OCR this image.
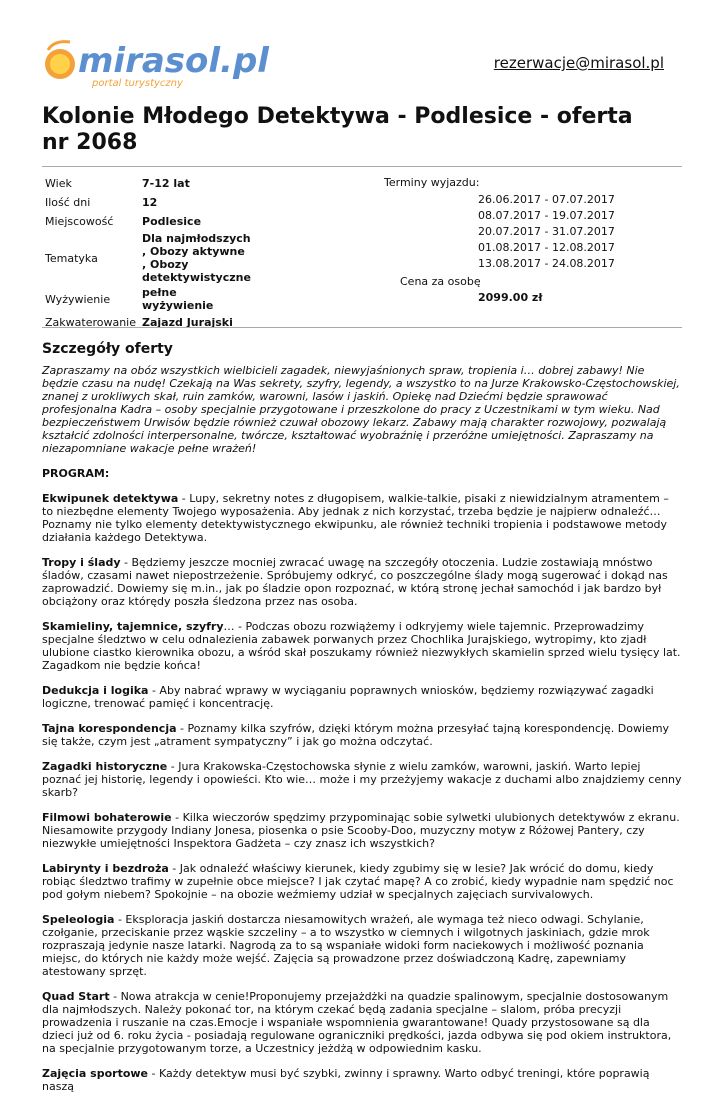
mirasol.pl
portal turystyczny
rezerwacje@mirasol.pl
Kolonie Młodego Detektywa - Podlesice - oferta nr 2068
Wiek	7-12 lat
Ilość dni	12
Miejscowość	Podlesice
Tematyka	Dla najmłodszych , Obozy aktywne , Obozy detektywistyczne
Wyżywienie	pełne wyżywienie
Zakwaterowanie	Zajazd Jurajski
Terminy wyjazdu:
26.06.2017 - 07.07.2017
08.07.2017 - 19.07.2017
20.07.2017 - 31.07.2017
01.08.2017 - 12.08.2017
13.08.2017 - 24.08.2017
Cena za osobę
2099.00 zł
Szczegóły oferty

Zapraszamy na obóz wszystkich wielbicieli zagadek, niewyjaśnionych spraw, tropienia i… dobrej zabawy! Nie będzie czasu na nudę! Czekają na Was sekrety, szyfry, legendy, a wszystko to na Jurze Krakowsko-Częstochowskiej, znanej z urokliwych skał, ruin zamków, warowni, lasów i jaskiń. Opiekę nad Dziećmi będzie sprawować profesjonalna Kadra – osoby specjalnie przygotowane i przeszkolone do pracy z Uczestnikami w tym wieku. Nad bezpieczeństwem Urwisów będzie również czuwał obozowy lekarz. Zabawy mają charakter rozwojowy, pozwalają kształcić zdolności interpersonalne, twórcze, kształtować wyobraźnię i przeróżne umiejętności. Zapraszamy na niezapomniane wakacje pełne wrażeń!

PROGRAM:

Ekwipunek detektywa - Lupy, sekretny notes z długopisem, walkie-talkie, pisaki z niewidzialnym atramentem – to niezbędne elementy Twojego wyposażenia. Aby jednak z nich korzystać, trzeba będzie je najpierw odnaleźć… Poznamy nie tylko elementy detektywistycznego ekwipunku, ale również techniki tropienia i podstawowe metody działania każdego Detektywa.

Tropy i ślady - Będziemy jeszcze mocniej zwracać uwagę na szczegóły otoczenia. Ludzie zostawiają mnóstwo śladów, czasami nawet niepostrzeżenie. Spróbujemy odkryć, co poszczególne ślady mogą sugerować i dokąd nas zaprowadzić. Dowiemy się m.in., jak po śladzie opon rozpoznać, w którą stronę jechał samochód i jak bardzo był obciążony oraz którędy poszła śledzona przez nas osoba.

Skamieliny, tajemnice, szyfry… - Podczas obozu rozwiążemy i odkryjemy wiele tajemnic. Przeprowadzimy specjalne śledztwo w celu odnalezienia zabawek porwanych przez Chochlika Jurajskiego, wytropimy, kto zjadł ulubione ciastko kierownika obozu, a wśród skał poszukamy również niezwykłych skamielin sprzed wielu tysięcy lat. Zagadkom nie będzie końca!

Dedukcja i logika - Aby nabrać wprawy w wyciąganiu poprawnych wniosków, będziemy rozwiązywać zagadki logiczne, trenować pamięć i koncentrację.

Tajna korespondencja - Poznamy kilka szyfrów, dzięki którym można przesyłać tajną korespondencję. Dowiemy się także, czym jest „atrament sympatyczny” i jak go można odczytać.

Zagadki historyczne - Jura Krakowska-Częstochowska słynie z wielu zamków, warowni, jaskiń. Warto lepiej poznać jej historię, legendy i opowieści. Kto wie… może i my przeżyjemy wakacje z duchami albo znajdziemy cenny skarb?

Filmowi bohaterowie - Kilka wieczorów spędzimy przypominając sobie sylwetki ulubionych detektywów z ekranu. Niesamowite przygody Indiany Jonesa, piosenka o psie Scooby-Doo, muzyczny motyw z Różowej Pantery, czy niezwykłe umiejętności Inspektora Gadżeta – czy znasz ich wszystkich?

Labirynty i bezdroża - Jak odnaleźć właściwy kierunek, kiedy zgubimy się w lesie? Jak wrócić do domu, kiedy robiąc śledztwo trafimy w zupełnie obce miejsce? I jak czytać mapę? A co zrobić, kiedy wypadnie nam spędzić noc pod gołym niebem? Spokojnie – na obozie weźmiemy udział w specjalnych zajęciach survivalowych.

Speleologia - Eksploracja jaskiń dostarcza niesamowitych wrażeń, ale wymaga też nieco odwagi. Schylanie, czołganie, przeciskanie przez wąskie szczeliny – a to wszystko w ciemnych i wilgotnych jaskiniach, gdzie mrok rozpraszają jedynie nasze latarki. Nagrodą za to są wspaniałe widoki form naciekowych i możliwość poznania miejsc, do których nie każdy może wejść. Zajęcia są prowadzone przez doświadczoną Kadrę, zapewniamy atestowany sprzęt.

Quad Start - Nowa atrakcja w cenie!Proponujemy przejażdżki na quadzie spalinowym, specjalnie dostosowanym dla najmłodszych. Należy pokonać tor, na którym czekać będą zadania specjalne – slalom, próba precyzji prowadzenia i ruszanie na czas.Emocje i wspaniałe wspomnienia gwarantowane! Quady przystosowane są dla dzieci już od 6. roku życia - posiadają regulowane ograniczniki prędkości, jazda odbywa się pod okiem instruktora, na specjalnie przygotowanym torze, a Uczestnicy jeżdżą w odpowiednim kasku.

Zajęcia sportowe - Każdy detektyw musi być szybki, zwinny i sprawny. Warto odbyć treningi, które poprawią naszą
